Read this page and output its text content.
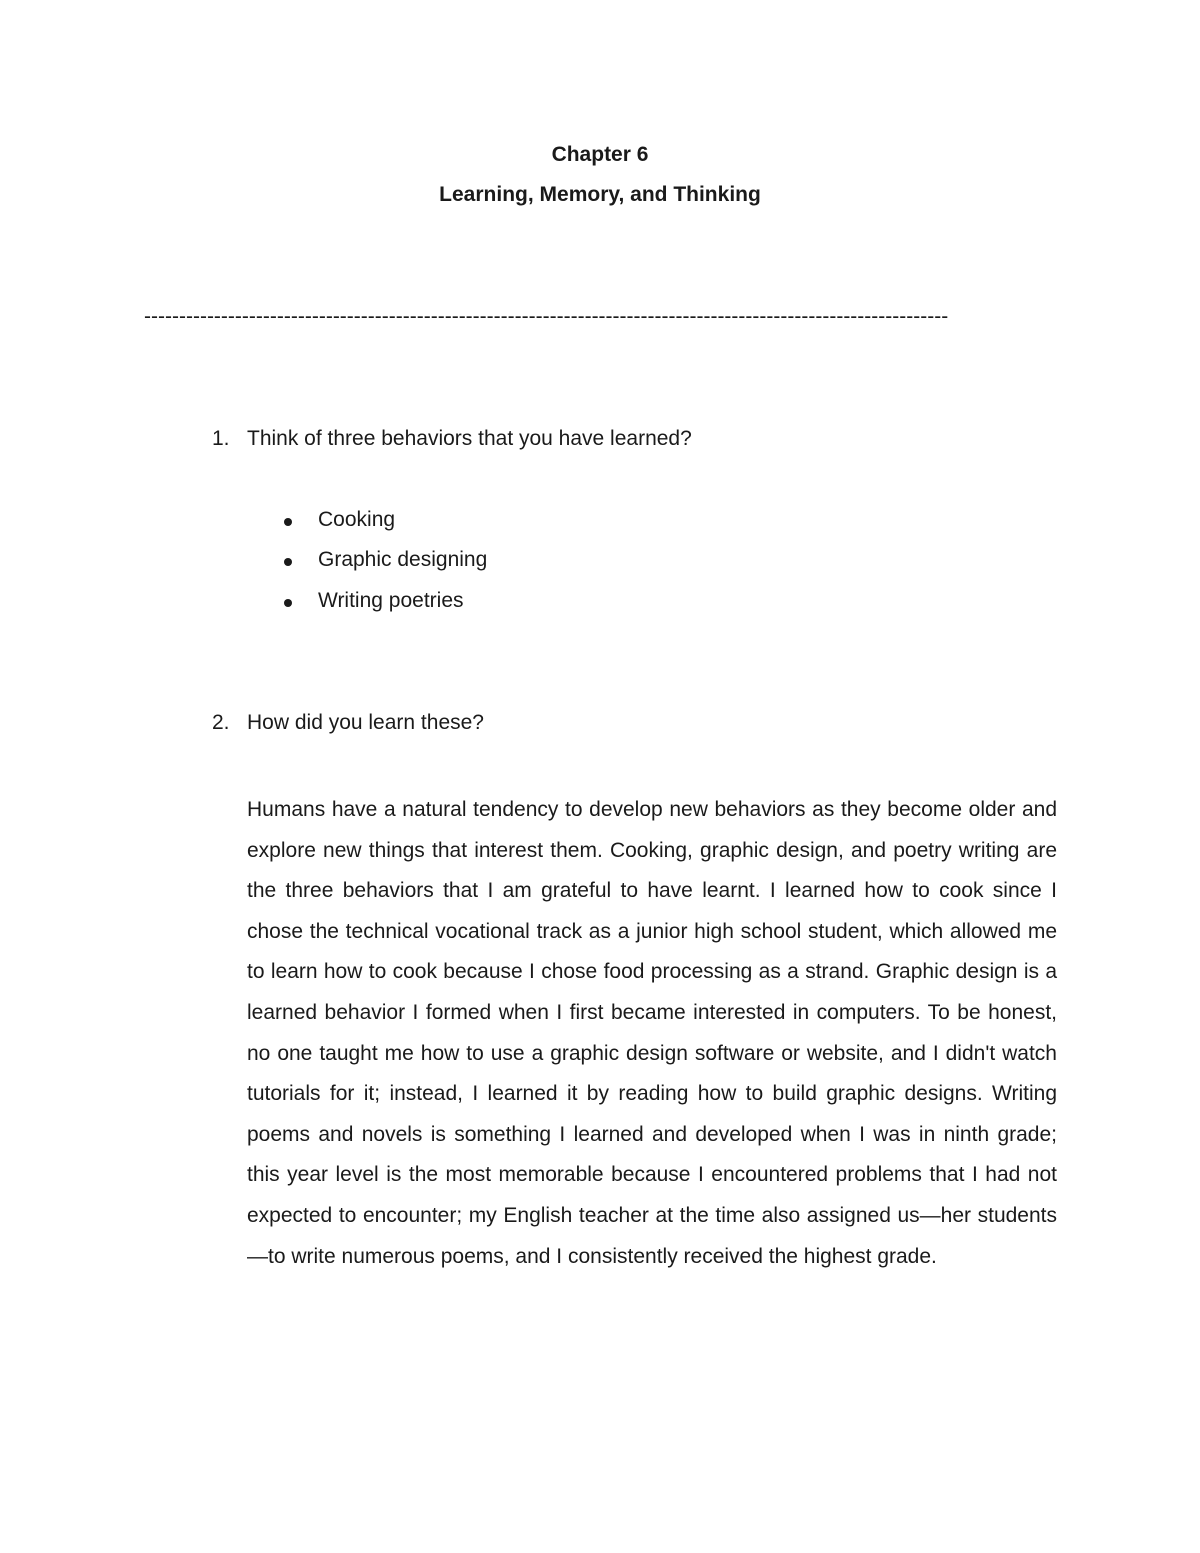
Chapter 6
Learning, Memory, and Thinking
-------------------------------------------------------------------------------------------------------------------
1. Think of three behaviors that you have learned?
Cooking
Graphic designing
Writing poetries
2. How did you learn these?

Humans have a natural tendency to develop new behaviors as they become older and explore new things that interest them. Cooking, graphic design, and poetry writing are the three behaviors that I am grateful to have learnt. I learned how to cook since I chose the technical vocational track as a junior high school student, which allowed me to learn how to cook because I chose food processing as a strand. Graphic design is a learned behavior I formed when I first became interested in computers. To be honest, no one taught me how to use a graphic design software or website, and I didn't watch tutorials for it; instead, I learned it by reading how to build graphic designs. Writing poems and novels is something I learned and developed when I was in ninth grade; this year level is the most memorable because I encountered problems that I had not expected to encounter; my English teacher at the time also assigned us—her students—to write numerous poems, and I consistently received the highest grade.
